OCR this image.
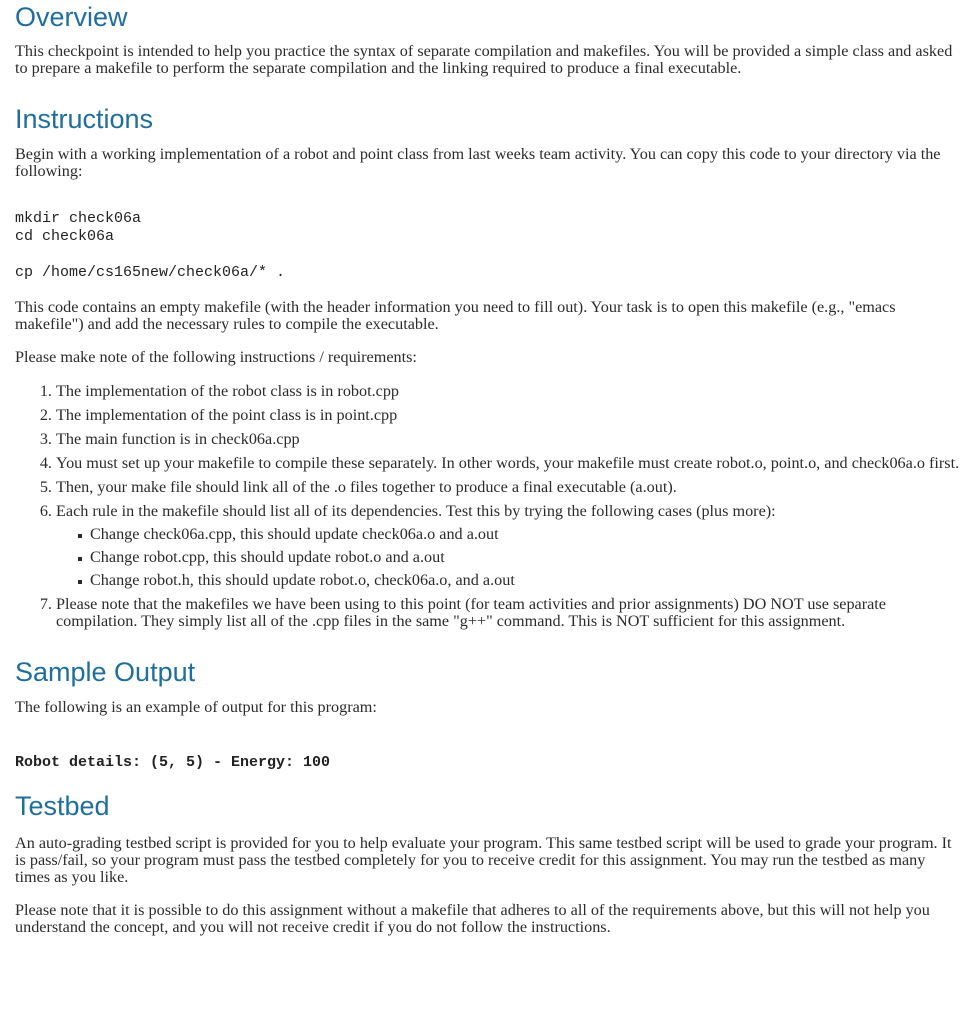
Overview

This checkpoint is intended to help you practice the syntax of separate compilation and makefiles. You will be provided a simple class and asked to prepare a makefile to perform the separate compilation and the linking required to produce a final executable.

Instructions

Begin with a working implementation of a robot and point class from last weeks team activity. You can copy this code to your directory via the following:

mkdir check06a
cd check06a

cp /home/cs165new/check06a/* .

This code contains an empty makefile (with the header information you need to fill out). Your task is to open this makefile (e.g., "emacs makefile") and add the necessary rules to compile the executable.

Please make note of the following instructions / requirements:

1. The implementation of the robot class is in robot.cpp
2. The implementation of the point class is in point.cpp
3. The main function is in check06a.cpp
4. You must set up your makefile to compile these separately. In other words, your makefile must create robot.o, point.o, and check06a.o first.
5. Then, your make file should link all of the .o files together to produce a final executable (a.out).
6. Each rule in the makefile should list all of its dependencies. Test this by trying the following cases (plus more):
Change check06a.cpp, this should update check06a.o and a.out
Change robot.cpp, this should update robot.o and a.out
Change robot.h, this should update robot.o, check06a.o, and a.out
7. Please note that the makefiles we have been using to this point (for team activities and prior assignments) DO NOT use separate compilation. They simply list all of the .cpp files in the same "g++" command. This is NOT sufficient for this assignment.
Sample Output

The following is an example of output for this program:

Robot details: (5, 5) - Energy: 100
Testbed

An auto-grading testbed script is provided for you to help evaluate your program. This same testbed script will be used to grade your program. It is pass/fail, so your program must pass the testbed completely for you to receive credit for this assignment. You may run the testbed as many times as you like.

Please note that it is possible to do this assignment without a makefile that adheres to all of the requirements above, but this will not help you understand the concept, and you will not receive credit if you do not follow the instructions.
